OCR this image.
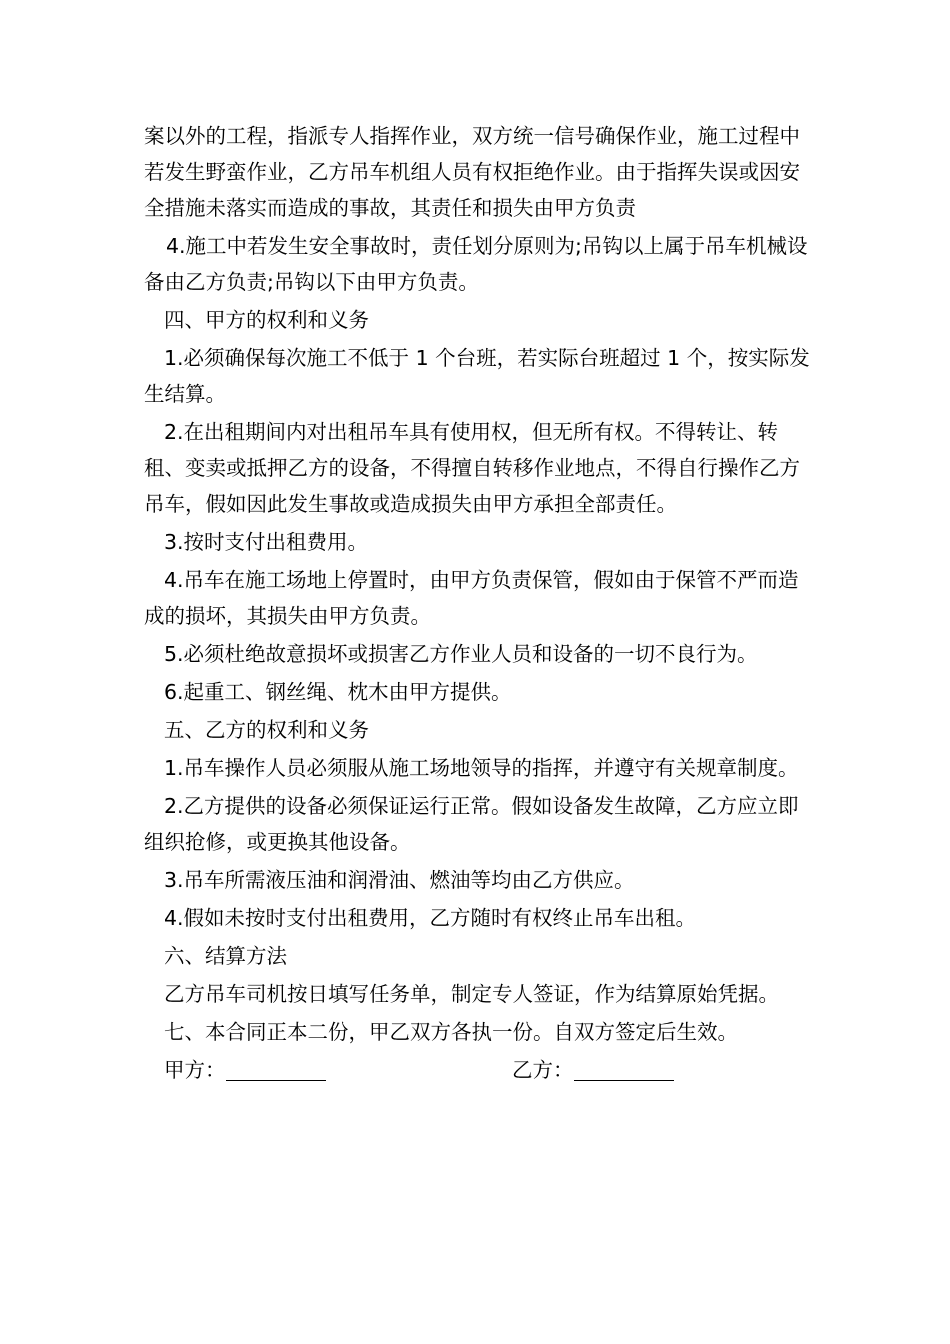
案以外的工程，指派专人指挥作业，双方统一信号确保作业，施工过程中若发生野蛮作业，乙方吊车机组人员有权拒绝作业。由于指挥失误或因安全措施未落实而造成的事故，其责任和损失由甲方负责

4.施工中若发生安全事故时，责任划分原则为;吊钩以上属于吊车机械设备由乙方负责;吊钩以下由甲方负责。

四、甲方的权利和义务

1.必须确保每次施工不低于 1 个台班，若实际台班超过 1 个，按实际发生结算。

2.在出租期间内对出租吊车具有使用权，但无所有权。不得转让、转租、变卖或抵押乙方的设备，不得擅自转移作业地点，不得自行操作乙方吊车，假如因此发生事故或造成损失由甲方承担全部责任。

3.按时支付出租费用。

4.吊车在施工场地上停置时，由甲方负责保管，假如由于保管不严而造成的损坏，其损失由甲方负责。

5.必须杜绝故意损坏或损害乙方作业人员和设备的一切不良行为。

6.起重工、钢丝绳、枕木由甲方提供。

五、乙方的权利和义务

1.吊车操作人员必须服从施工场地领导的指挥，并遵守有关规章制度。

2.乙方提供的设备必须保证运行正常。假如设备发生故障，乙方应立即组织抢修，或更换其他设备。

3.吊车所需液压油和润滑油、燃油等均由乙方供应。

4.假如未按时支付出租费用，乙方随时有权终止吊车出租。

六、结算方法

乙方吊车司机按日填写任务单，制定专人签证，作为结算原始凭据。

七、本合同正本二份，甲乙双方各执一份。自双方签定后生效。

甲方：	乙方：
